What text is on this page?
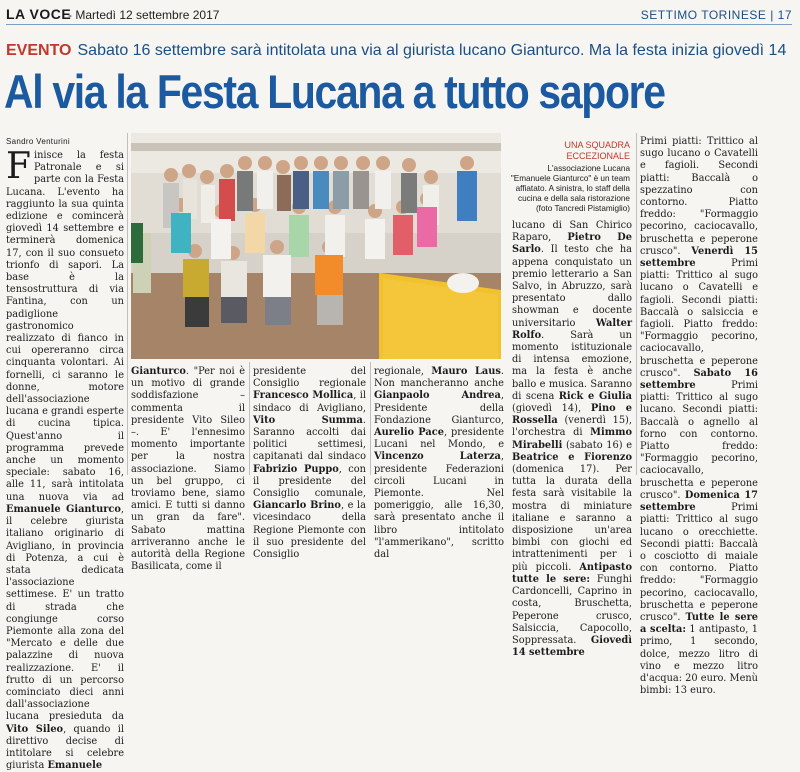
LA VOCE
- Martedì 12 settembre 2017	SETTIMO TORINESE | 17
EVENTO Sabato 16 settembre sarà intitolata una via al giurista lucano Gianturco. Ma la festa inizia giovedì 14
Al via la Festa Lucana a tutto sapore
Sandro Venturini
Finisce la festa Patronale e si parte con la Festa Lucana. L'evento ha raggiunto la sua quinta edizione e comincerà giovedì 14 settembre e terminerà domenica 17, con il suo consueto trionfo di sapori. La base è la tensostruttura di via Fantina, con un padiglione gastronomico realizzato di fianco in cui opereranno circa cinquanta volontari. Ai fornelli, ci saranno le donne, motore dell'associazione lucana e grandi esperte di cucina tipica. Quest'anno il programma prevede anche un momento speciale: sabato 16, alle 11, sarà intitolata una nuova via ad Emanuele Gianturco, il celebre giurista italiano originario di Avigliano, in provincia di Potenza, a cui è stata dedicata l'associazione settimese. E' un tratto di strada che congiunge corso Piemonte alla zona del "Mercato e delle due palazzine di nuova realizzazione. E' il frutto di un percorso cominciato dieci anni dall'associazione lucana presieduta da Vito Sileo, quando il direttivo decise di intitolare si celebre giurista Emanuele
Gianturco. "Per noi è un motivo di grande soddisfazione – commenta il presidente Vito Sileo –. E' l'ennesimo momento importante per la nostra associazione. Siamo un bel gruppo, ci troviamo bene, siamo amici. E tutti si danno un gran da fare". Sabato mattina arriveranno anche le autorità della Regione Basilicata, come il
presidente del Consiglio regionale Francesco Mollica, il sindaco di Avigliano, Vito Summa. Saranno accolti dai politici settimesi, capitanati dal sindaco Fabrizio Puppo, con il presidente del Consiglio comunale, Giancarlo Brino, e la vicesindaco della Regione Piemonte con il suo presidente del Consiglio
regionale, Mauro Laus. Non mancheranno anche Gianpaolo Andrea, Presidente della Fondazione Gianturco, Aurelio Pace, presidente Lucani nel Mondo, e Vincenzo Laterza, presidente Federazioni circoli Lucani in Piemonte. Nel pomeriggio, alle 16,30, sarà presentato anche il libro intitolato "l'ammerikano", scritto dal
UNA SQUADRA ECCEZIONALE
L'associazione Lucana "Emanuele Gianturco" è un team affiatato. A sinistra, lo staff della cucina e della sala ristorazione (foto Tancredi Pistamiglio)
lucano di San Chirico Raparo, Pietro De Sarlo. Il testo che ha appena conquistato un premio letterario a San Salvo, in Abruzzo, sarà presentato dallo showman e docente universitario Walter Rolfo. Sarà un momento istituzionale di intensa emozione, ma la festa è anche ballo e musica. Saranno di scena Rick e Giulia (giovedì 14), Pino e Rossella (venerdì 15), l'orchestra di Mimmo Mirabelli (sabato 16) e Beatrice e Fiorenzo (domenica 17). Per tutta la durata della festa sarà visitabile la mostra di miniature italiane e saranno a disposizione un'area bimbi con giochi ed intrattenimenti per i più piccoli. Antipasto tutte le sere: Funghi Cardoncelli, Caprino in costa, Bruschetta, Peperone crusco, Salsiccia, Capocollo, Soppressata. Giovedì 14 settembre
Primi piatti: Trittico al sugo lucano o Cavatelli e fagioli. Secondi piatti: Baccalà o spezzatino con contorno. Piatto freddo: "Formaggio pecorino, caciocavallo, bruschetta e peperone crusco". Venerdì 15 settembre Primi piatti: Trittico al sugo lucano o Cavatelli e fagioli. Secondi piatti: Baccalà o salsiccia e fagioli. Piatto freddo: "Formaggio pecorino, caciocavallo, bruschetta e peperone crusco". Sabato 16 settembre Primi piatti: Trittico al sugo lucano. Secondi piatti: Baccalà o agnello al forno con contorno. Piatto freddo: "Formaggio pecorino, caciocavallo, bruschetta e peperone crusco". Domenica 17 settembre Primi piatti: Trittico al sugo lucano o orecchiette. Secondi piatti: Baccalà o cosciotto di maiale con contorno. Piatto freddo: "Formaggio pecorino, caciocavallo, bruschetta e peperone crusco". Tutte le sere a scelta: 1 antipasto, 1 primo, 1 secondo, dolce, mezzo litro di vino e mezzo litro d'acqua: 20 euro. Menù bimbi: 13 euro.
